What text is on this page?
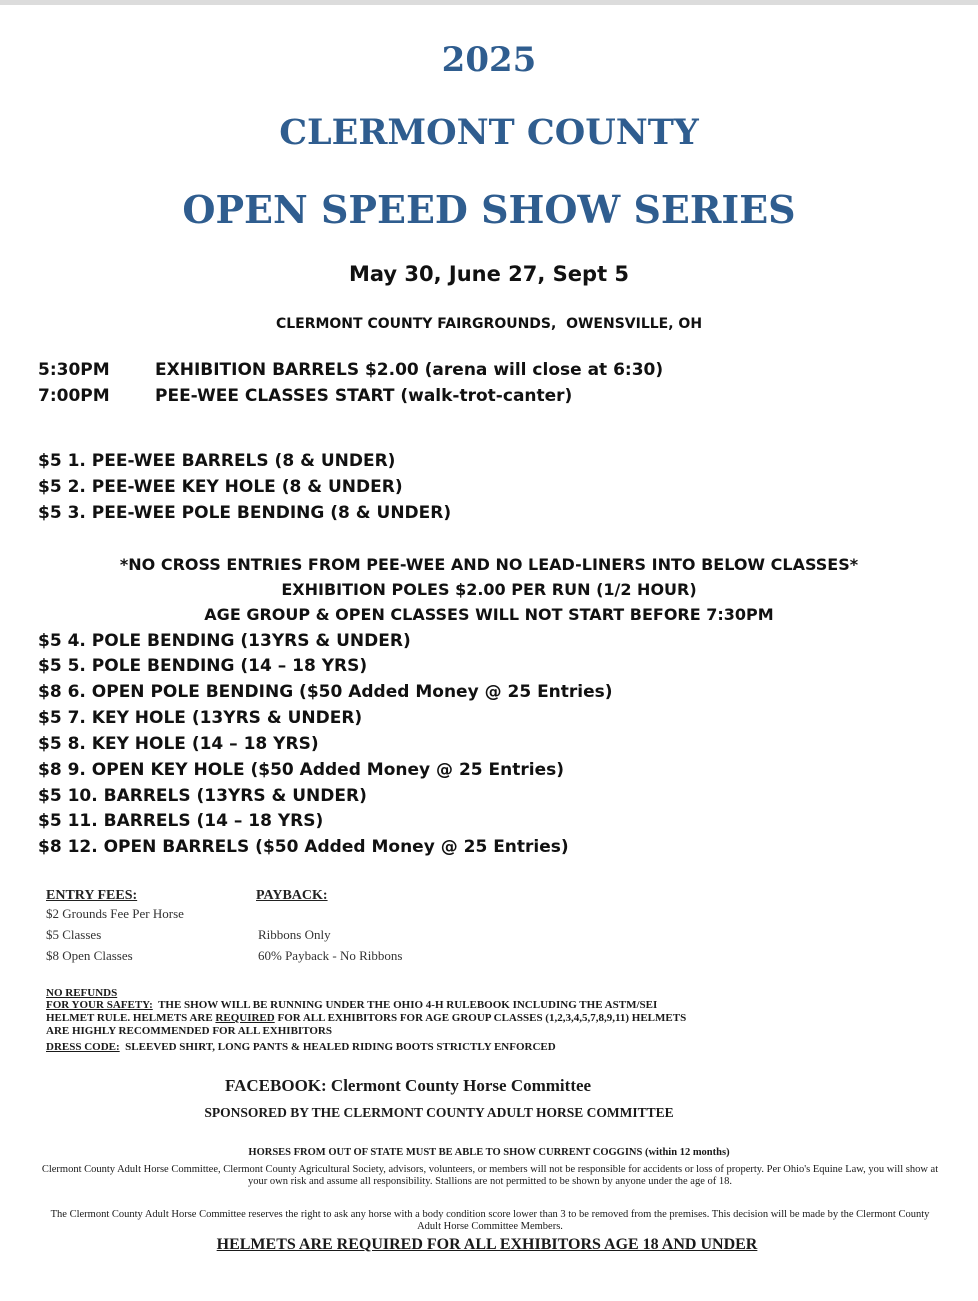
2025
CLERMONT COUNTY
OPEN SPEED SHOW SERIES
May 30, June 27, Sept 5
CLERMONT COUNTY FAIRGROUNDS,  OWENSVILLE, OH
5:30PM	EXHIBITION BARRELS $2.00 (arena will close at 6:30)
7:00PM	PEE-WEE CLASSES START (walk-trot-canter)
$5 1. PEE-WEE BARRELS (8 & UNDER)
$5 2. PEE-WEE KEY HOLE (8 & UNDER)
$5 3. PEE-WEE POLE BENDING (8 & UNDER)
*NO CROSS ENTRIES FROM PEE-WEE AND NO LEAD-LINERS INTO BELOW CLASSES*
EXHIBITION POLES $2.00 PER RUN (1/2 HOUR)
AGE GROUP & OPEN CLASSES WILL NOT START BEFORE 7:30PM
$5 4. POLE BENDING (13YRS & UNDER)
$5 5. POLE BENDING (14 – 18 YRS)
$8 6. OPEN POLE BENDING ($50 Added Money @ 25 Entries)
$5 7. KEY HOLE (13YRS & UNDER)
$5 8. KEY HOLE (14 – 18 YRS)
$8 9. OPEN KEY HOLE ($50 Added Money @ 25 Entries)
$5 10. BARRELS (13YRS & UNDER)
$5 11. BARRELS (14 – 18 YRS)
$8 12. OPEN BARRELS ($50 Added Money @ 25 Entries)
ENTRY FEES:
$2 Grounds Fee Per Horse
$5 Classes
$8 Open Classes
PAYBACK:
Ribbons Only
60% Payback - No Ribbons
NO REFUNDS
FOR YOUR SAFETY:  THE SHOW WILL BE RUNNING UNDER THE OHIO 4-H RULEBOOK INCLUDING THE ASTM/SEI
HELMET RULE. HELMETS ARE REQUIRED FOR ALL EXHIBITORS FOR AGE GROUP CLASSES (1,2,3,4,5,7,8,9,11) HELMETS
ARE HIGHLY RECOMMENDED FOR ALL EXHIBITORS
DRESS CODE:  SLEEVED SHIRT, LONG PANTS & HEALED RIDING BOOTS STRICTLY ENFORCED
FACEBOOK: Clermont County Horse Committee
SPONSORED BY THE CLERMONT COUNTY ADULT HORSE COMMITTEE
HORSES FROM OUT OF STATE MUST BE ABLE TO SHOW CURRENT COGGINS (within 12 months)
Clermont County Adult Horse Committee, Clermont County Agricultural Society, advisors, volunteers, or members will not be responsible for accidents or loss of property. Per Ohio's Equine Law, you will show at your own risk and assume all responsibility. Stallions are not permitted to be shown by anyone under the age of 18.
The Clermont County Adult Horse Committee reserves the right to ask any horse with a body condition score lower than 3 to be removed from the premises. This decision will be made by the Clermont County Adult Horse Committee Members.
HELMETS ARE REQUIRED FOR ALL EXHIBITORS AGE 18 AND UNDER
